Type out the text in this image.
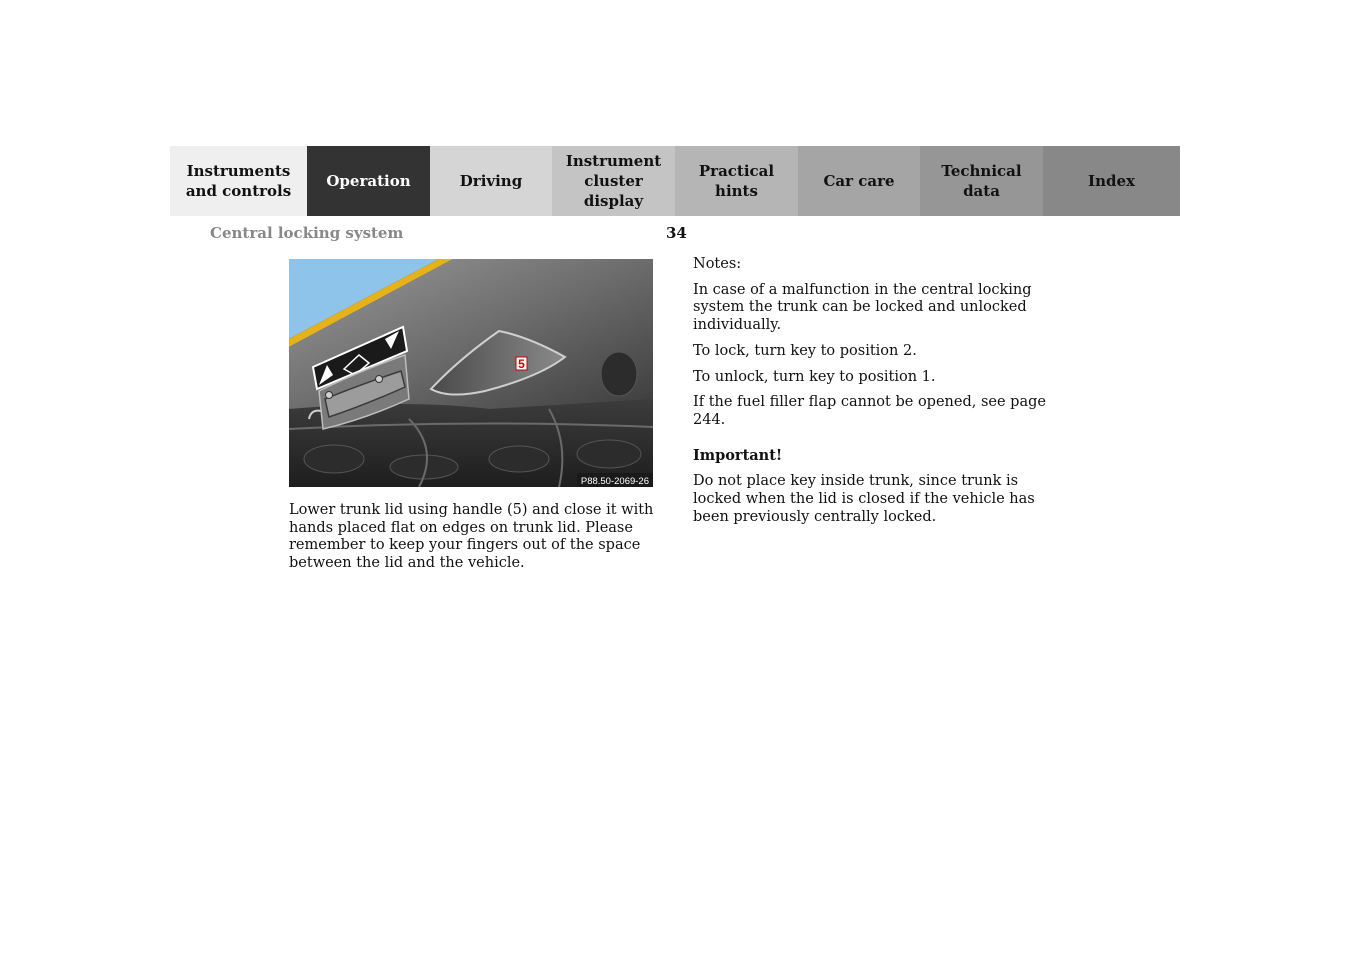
Instruments
and controls
Operation	Driving
Instrument
cluster display
Practical hints
Car care
Technical
data
Index
Central locking system	34
5
P88.50-2069-26
Lower trunk lid using handle (5) and close it with hands placed flat on edges on trunk lid. Please remember to keep your fingers out of the space between the lid and the vehicle.

Notes:

In case of a malfunction in the central locking system the trunk can be locked and unlocked individually.

To lock, turn key to position 2.

To unlock, turn key to position 1.

If the fuel filler flap cannot be opened, see page 244.

Important!

Do not place key inside trunk, since trunk is locked when the lid is closed if the vehicle has been previously centrally locked.
